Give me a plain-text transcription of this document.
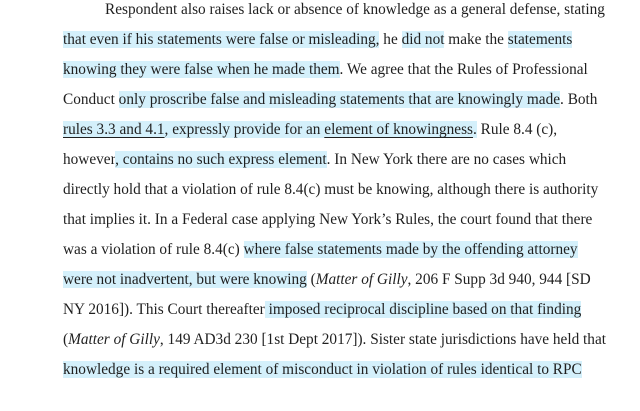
Respondent also raises lack or absence of knowledge as a general defense, stating
that even if his statements were false or misleading, he did not make the statements
knowing they were false when he made them. We agree that the Rules of Professional
Conduct only proscribe false and misleading statements that are knowingly made. Both
rules 3.3 and 4.1, expressly provide for an element of knowingness. Rule 8.4 (c),
however, contains no such express element. In New York there are no cases which
directly hold that a violation of rule 8.4(c) must be knowing, although there is authority
that implies it. In a Federal case applying New York’s Rules, the court found that there
was a violation of rule 8.4(c) where false statements made by the offending attorney
were not inadvertent, but were knowing (Matter of Gilly, 206 F Supp 3d 940, 944 [SD
NY 2016]). This Court thereafter imposed reciprocal discipline based on that finding
(Matter of Gilly, 149 AD3d 230 [1st Dept 2017]). Sister state jurisdictions have held that
knowledge is a required element of misconduct in violation of rules identical to RPC
